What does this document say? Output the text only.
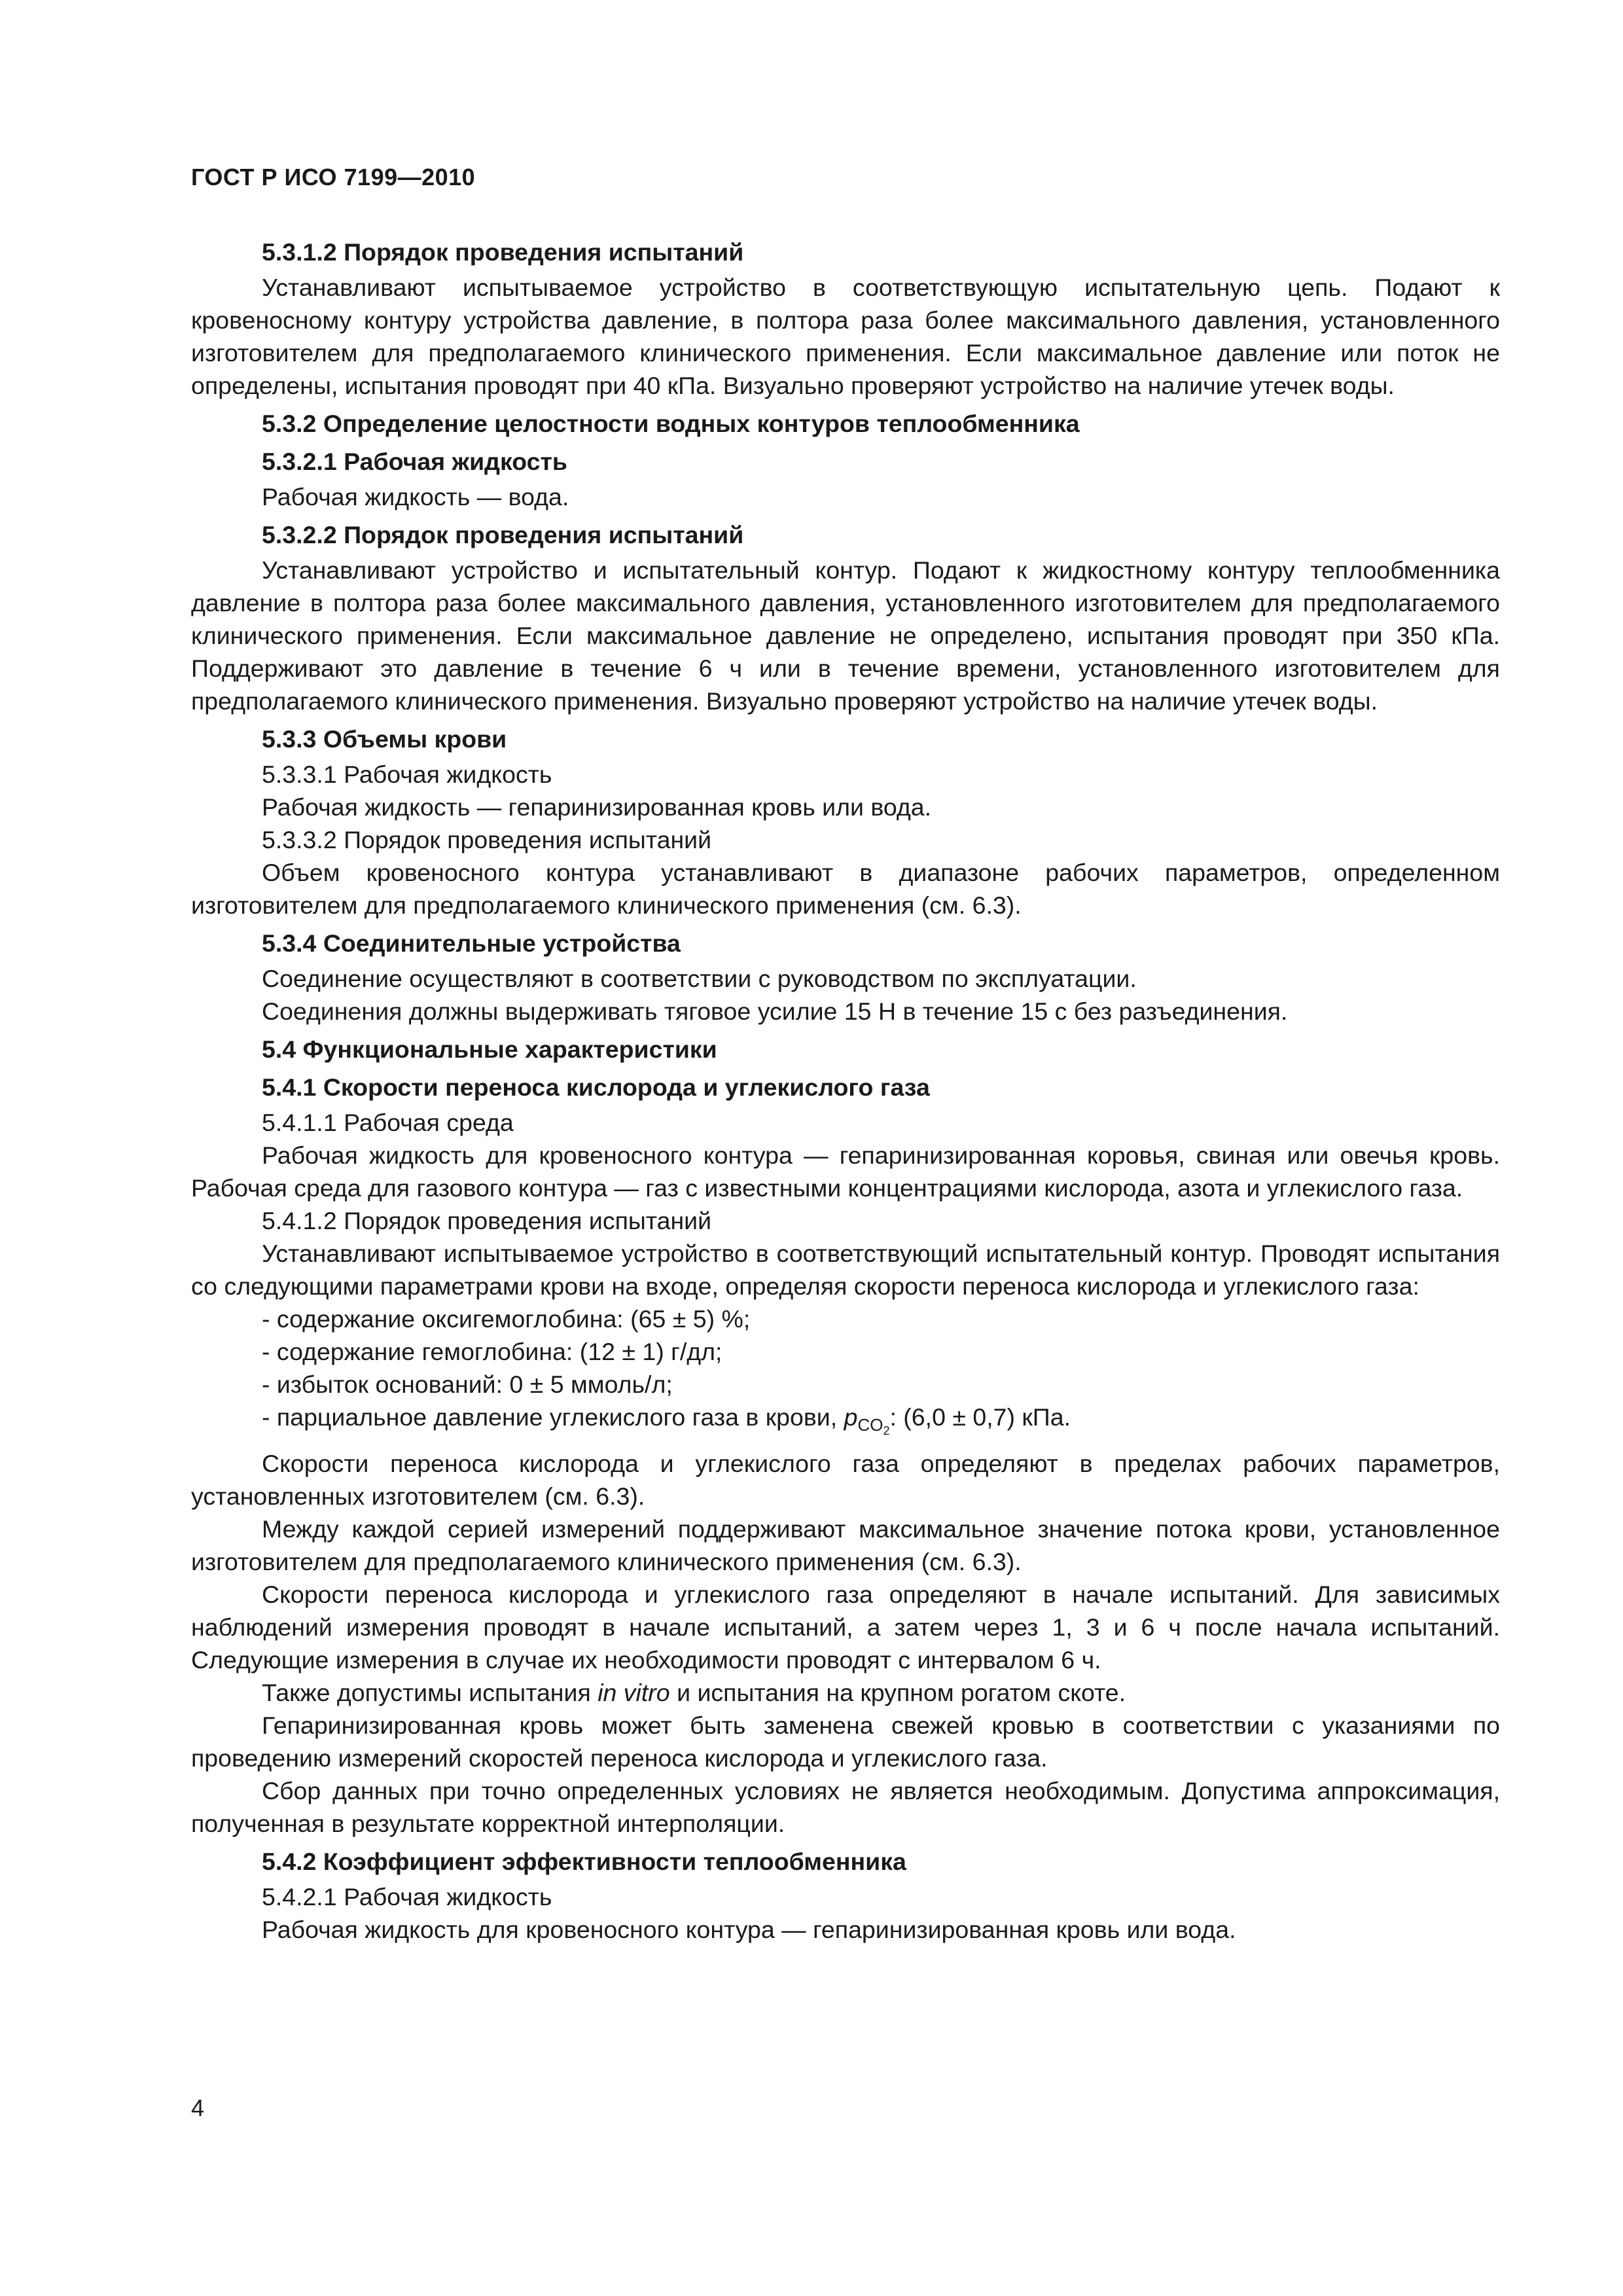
ГОСТ Р ИСО 7199—2010

5.3.1.2 Порядок проведения испытаний

Устанавливают испытываемое устройство в соответствующую испытательную цепь. Подают к кровеносному контуру устройства давление, в полтора раза более максимального давления, установленного изготовителем для предполагаемого клинического применения. Если максимальное давление или поток не определены, испытания проводят при 40 кПа. Визуально проверяют устройство на наличие утечек воды.

5.3.2 Определение целостности водных контуров теплообменника

5.3.2.1 Рабочая жидкость

Рабочая жидкость — вода.

5.3.2.2 Порядок проведения испытаний

Устанавливают устройство и испытательный контур. Подают к жидкостному контуру теплообменника давление в полтора раза более максимального давления, установленного изготовителем для предполагаемого клинического применения. Если максимальное давление не определено, испытания проводят при 350 кПа. Поддерживают это давление в течение 6 ч или в течение времени, установленного изготовителем для предполагаемого клинического применения. Визуально проверяют устройство на наличие утечек воды.

5.3.3 Объемы крови

5.3.3.1 Рабочая жидкость

Рабочая жидкость — гепаринизированная кровь или вода.

5.3.3.2 Порядок проведения испытаний

Объем кровеносного контура устанавливают в диапазоне рабочих параметров, определенном изготовителем для предполагаемого клинического применения (см. 6.3).

5.3.4 Соединительные устройства

Соединение осуществляют в соответствии с руководством по эксплуатации.

Соединения должны выдерживать тяговое усилие 15 Н в течение 15 с без разъединения.

5.4 Функциональные характеристики

5.4.1 Скорости переноса кислорода и углекислого газа

5.4.1.1 Рабочая среда

Рабочая жидкость для кровеносного контура — гепаринизированная коровья, свиная или овечья кровь. Рабочая среда для газового контура — газ с известными концентрациями кислорода, азота и углекислого газа.

5.4.1.2 Порядок проведения испытаний

Устанавливают испытываемое устройство в соответствующий испытательный контур. Проводят испытания со следующими параметрами крови на входе, определяя скорости переноса кислорода и углекислого газа:

- содержание оксигемоглобина: (65 ± 5) %;

- содержание гемоглобина: (12 ± 1) г/дл;

- избыток оснований: 0 ± 5 ммоль/л;

- парциальное давление углекислого газа в крови, $p_{CO_2}$: (6,0 ± 0,7) кПа.

Скорости переноса кислорода и углекислого газа определяют в пределах рабочих параметров, установленных изготовителем (см. 6.3).

Между каждой серией измерений поддерживают максимальное значение потока крови, установленное изготовителем для предполагаемого клинического применения (см. 6.3).

Скорости переноса кислорода и углекислого газа определяют в начале испытаний. Для зависимых наблюдений измерения проводят в начале испытаний, а затем через 1, 3 и 6 ч после начала испытаний. Следующие измерения в случае их необходимости проводят с интервалом 6 ч.

Также допустимы испытания in vitro и испытания на крупном рогатом скоте.

Гепаринизированная кровь может быть заменена свежей кровью в соответствии с указаниями по проведению измерений скоростей переноса кислорода и углекислого газа.

Сбор данных при точно определенных условиях не является необходимым. Допустима аппроксимация, полученная в результате корректной интерполяции.

5.4.2 Коэффициент эффективности теплообменника

5.4.2.1 Рабочая жидкость

Рабочая жидкость для кровеносного контура — гепаринизированная кровь или вода.

4
